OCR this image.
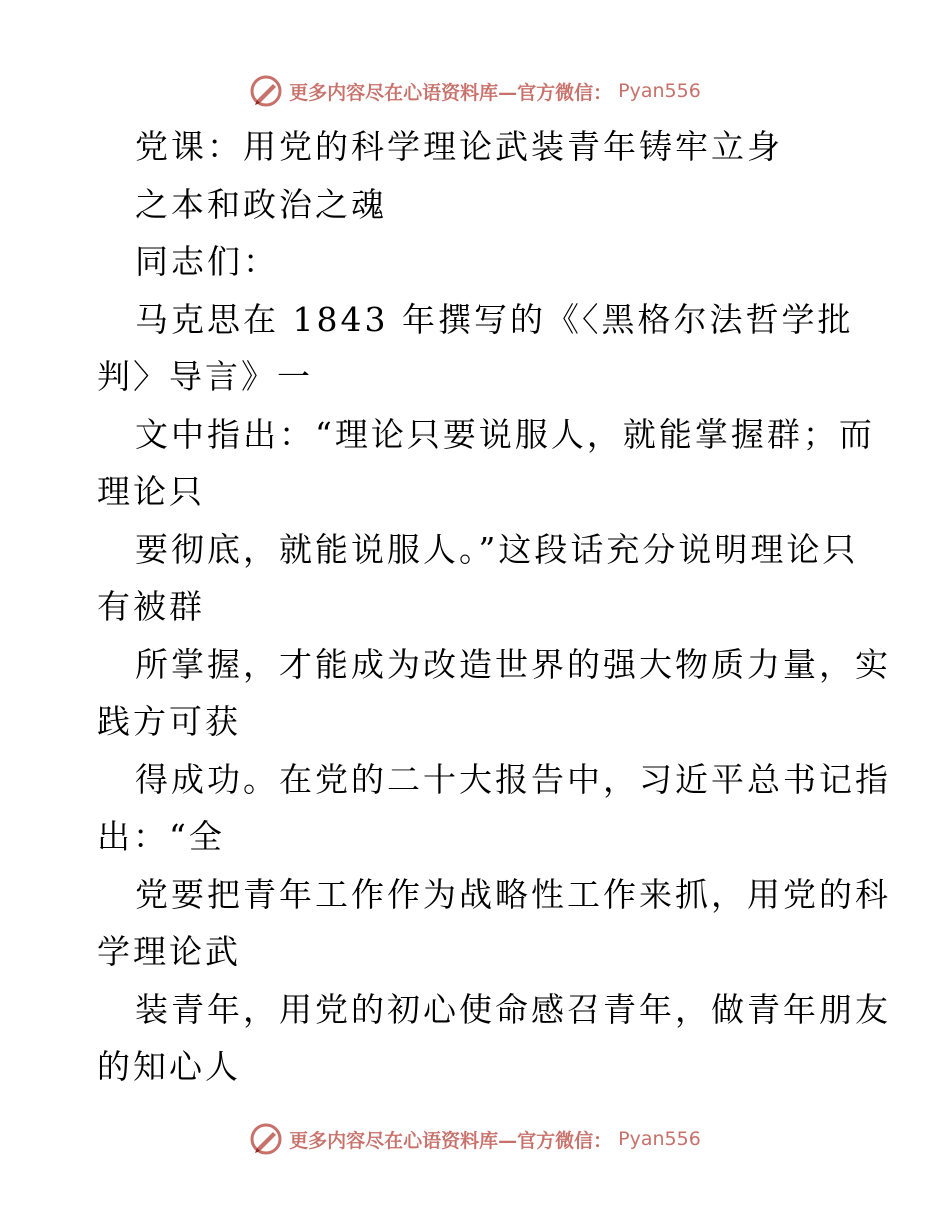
更多内容尽在心语资料库—官方微信： Pyan556
党课：用党的科学理论武装青年铸牢立身
之本和政治之魂
同志们：
马克思在 1843 年撰写的《〈黑格尔法哲学批
判〉导言》一
文中指出：“理论只要说服人，就能掌握群；而
理论只
要彻底，就能说服人。”这段话充分说明理论只
有被群
所掌握，才能成为改造世界的强大物质力量，实
践方可获
得成功。在党的二十大报告中，习近平总书记指
出：“全
党要把青年工作作为战略性工作来抓，用党的科
学理论武
装青年，用党的初心使命感召青年，做青年朋友
的知心人
更多内容尽在心语资料库—官方微信： Pyan556
